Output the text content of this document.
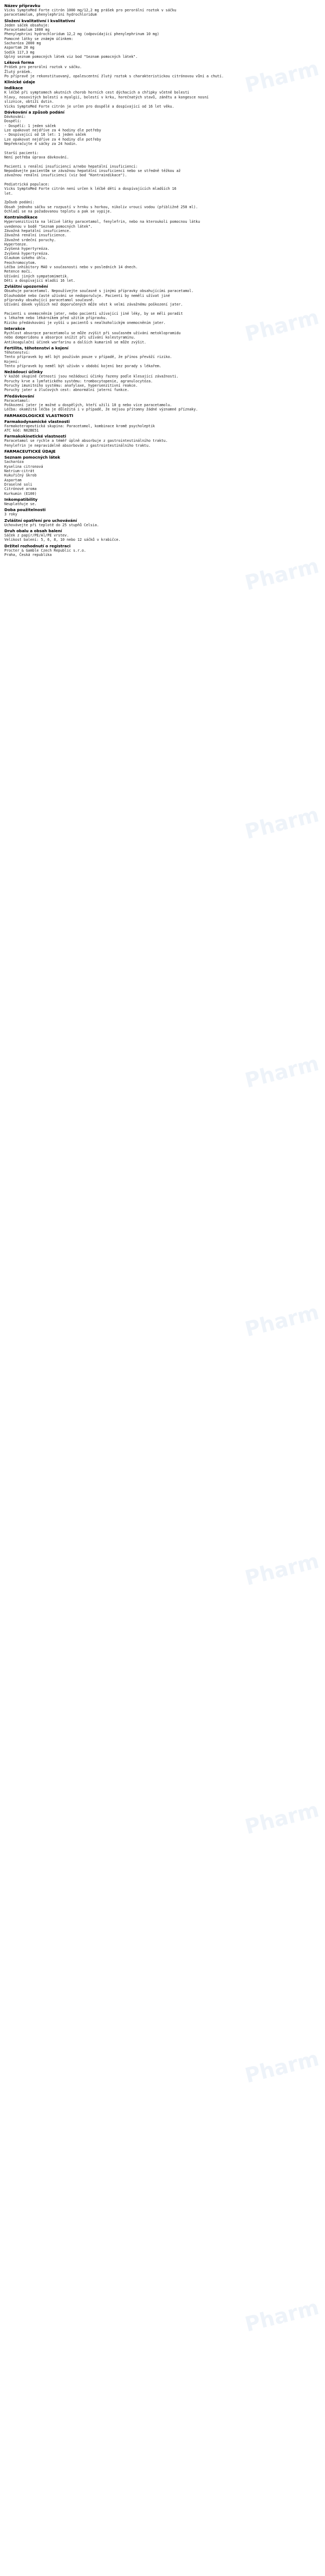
Název přípravku
Vicks SymptoMed Forte citrón 1000 mg/12,2 mg prášek pro perorální roztok v sáčku
paracetamolum, phenylephrini hydrochloridum
Složení kvalitativní i kvalitativní
Jeden sáček obsahuje:
Paracetamolum 1000 mg
Phenylephrini hydrochloridum 12,2 mg (odpovídající phenylephrinum 10 mg)
Pomocné látky se známým účinkem:
Sacharóza 2000 mg
Aspartam 20 mg
Sodík 117,3 mg
Úplný seznam pomocných látek viz bod "Seznam pomocných látek".
Léková forma
Prášek pro perorální roztok v sáčku.
Žlutý prášek.
Po přípravě je rekonstituovaný, opalescentní žlutý roztok s charakteristickou citrónovou vůní a chutí.
Klinické údaje
Indikace
K léčbě při symptomech akutních chorob horních cest dýchacích a chřipky včetně bolesti
hlavy, nosovitých bolestí a myalgií, bolestí v krku, horečnatých stavů, zánětu a kongesce nosní
sliznice, obtíží dutin.
Vicks SymptoMed Forte citrón je určen pro dospělé a dospívající od 16 let věku.
Dávkování a způsob podání
Dávkování:
Dospělí:
- Dospělí: 1 jeden sáček
Lze opakovat nejdříve za 4 hodiny dle potřeby
- Dospívající od 16 let: 1 jeden sáček
Lze opakovat nejdříve za 4 hodiny dle potřeby
Nepřekračujte 4 sáčky za 24 hodin.

Starší pacienti:
Není potřeba úprava dávkování.

Pacienti s renální insuficiencí a/nebo hepatální insuficiencí:
Nepodávejte pacientům se závažnou hepatální insuficiencí nebo se středně těžkou až
závažnou renální insuficiencí (viz bod "Kontraindikace").

Pediatrická populace:
Vicks SymptoMed Forte citrón není určen k léčbě dětí a dospívajících mladších 16
let.

Způsob podání:
Obsah jednoho sáčku se rozpustí v hrnku s horkou, nikoliv vroucí vodou (přibližně 250 ml).
Ochladí se na požadovanou teplotu a pak se vypije.
Kontraindikace
Hypersenzitivita na léčivé látky paracetamol, fenylefrin, nebo na kteroukoli pomocnou látku
uvedenou v bodě "Seznam pomocných látek".
Závažná hepatální insuficience.
Závažná renální insuficience.
Závažné srdeční poruchy.
Hypertenze.
Zvýšená hypertyreóza.
Zvýšená hypertyreóza.
Glaukom úzkého úhlu.
Feochromocytom.
Léčba inhibitory MAO v současnosti nebo v posledních 14 dnech.
Retence moči.
Užívání jiných sympatomimetik.
Děti a dospívající mladší 16 let.
Zvláštní upozornění
Obsahuje paracetamol. Nepoužívejte současně s jinými přípravky obsahujícími paracetamol.
Dlouhodobé nebo časté užívání se nedoporučuje. Pacienti by neměli užívat jiné
přípravky obsahující paracetamol současně.
Užívání dávek vyšších než doporučených může vést k velmi závažnému poškození jater.

Pacienti s onemocněním jater, nebo pacienti užívající jiné léky, by se měli poradit
s lékařem nebo lékárníkem před užitím přípravku.
Riziko předávkování je vyšší u pacientů s nealkoholickým onemocněním jater.
Interakce
Rychlost absorpce paracetamolu se může zvýšit při současném užívání metoklopramidu
nebo domperidonu a absorpce snížit při užívání kolestyraminu.
Antikoagulační účinek warfarinu a dalších kumarinů se může zvýšit.
Fertilita, těhotenství a kojení
Těhotenství:
Tento přípravek by měl být používán pouze v případě, že přínos převáží riziko.
Kojení:
Tento přípravek by neměl být užíván v období kojení bez porady s lékařem.
Nežádoucí účinky
V každé skupině četnosti jsou nežádoucí účinky řazeny podle klesající závažnosti.
Poruchy krve a lymfatického systému: trombocytopenie, agranulocytóza.
Poruchy imunitního systému: anafylaxe, hypersenzitivní reakce.
Poruchy jater a žlučových cest: abnormální jaterní funkce.
Předávkování
Paracetamol:
Poškození jater je možné u dospělých, kteří užili 10 g nebo více paracetamolu.
Léčba: okamžitá léčba je důležitá i v případě, že nejsou přítomny žádné významné příznaky.
FARMAKOLOGICKÉ VLASTNOSTI
Farmakodynamické vlastnosti
Farmakoterapeutická skupina: Paracetamol, kombinace kromě psycholeptik
ATC kód: N02BE51
Farmakokinetické vlastnosti
Paracetamol se rychle a téměř úplně absorbuje z gastrointestinálního traktu.
Fenylefrin je nepravidelně absorbován z gastrointestinálního traktu.
FARMACEUTICKÉ ÚDAJE
Seznam pomocných látek
Sacharóza
Kyselina citronová
Natrium-citrát
Kukuřičný škrob
Aspartam
Draselné soli
Citrónové aroma
Kurkumin (E100)
Inkompatibility
Neuplatňuje se.
Doba použitelnosti
3 roky
Zvláštní opatření pro uchovávání
Uchovávejte při teplotě do 25 stupňů Celsia.
Druh obalu a obsah balení
Sáček z papír/PE/Al/PE vrstev.
Velikost balení: 5, 6, 8, 10 nebo 12 sáčků v krabičce.
Držitel rozhodnutí o registraci
Procter & Gamble Czech Republic s.r.o.
Praha, Česká republika
Pharm
Pharm
Pharm
Pharm
Pharm
Pharm
Pharm
Pharm
Pharm
Pharm
